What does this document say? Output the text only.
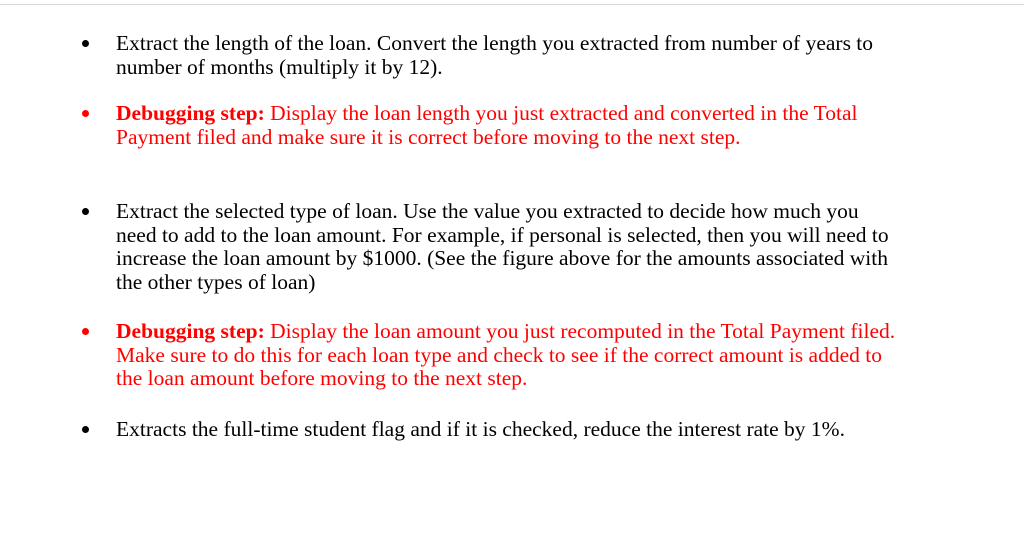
Extract the length of the loan. Convert the length you extracted from number of years to number of months (multiply it by 12).

Debugging step: Display the loan length you just extracted and converted in the Total Payment filed and make sure it is correct before moving to the next step.

Extract the selected type of loan. Use the value you extracted to decide how much you need to add to the loan amount. For example, if personal is selected, then you will need to increase the loan amount by $1000. (See the figure above for the amounts associated with the other types of loan)

Debugging step: Display the loan amount you just recomputed in the Total Payment filed. Make sure to do this for each loan type and check to see if the correct amount is added to the loan amount before moving to the next step.

Extracts the full-time student flag and if it is checked, reduce the interest rate by 1%.
